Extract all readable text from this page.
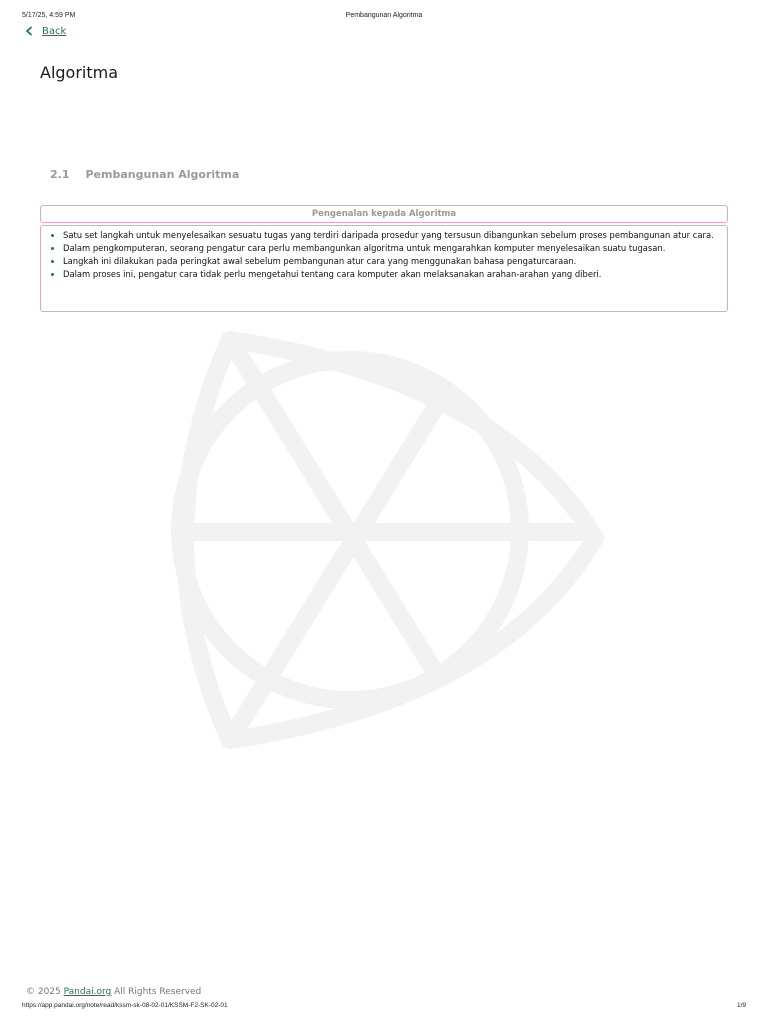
5/17/25, 4:59 PM	Pembangunan Algoritma
Back
Algoritma
2.1 Pembangunan Algoritma
Pengenalan kepada Algoritma
• Satu set langkah untuk menyelesaikan sesuatu tugas yang terdiri daripada prosedur yang tersusun dibangunkan sebelum proses pembangunan atur cara.
• Dalam pengkomputeran, seorang pengatur cara perlu membangunkan algoritma untuk mengarahkan komputer menyelesaikan suatu tugasan.
• Langkah ini dilakukan pada peringkat awal sebelum pembangunan atur cara yang menggunakan bahasa pengaturcaraan.
• Dalam proses ini, pengatur cara tidak perlu mengetahui tentang cara komputer akan melaksanakan arahan-arahan yang diberi.
© 2025 Pandai.org All Rights Reserved
https://app.pandai.org/note/read/kssm-sk-08-02-01/KSSM-F2-SK-02-01	1/9
